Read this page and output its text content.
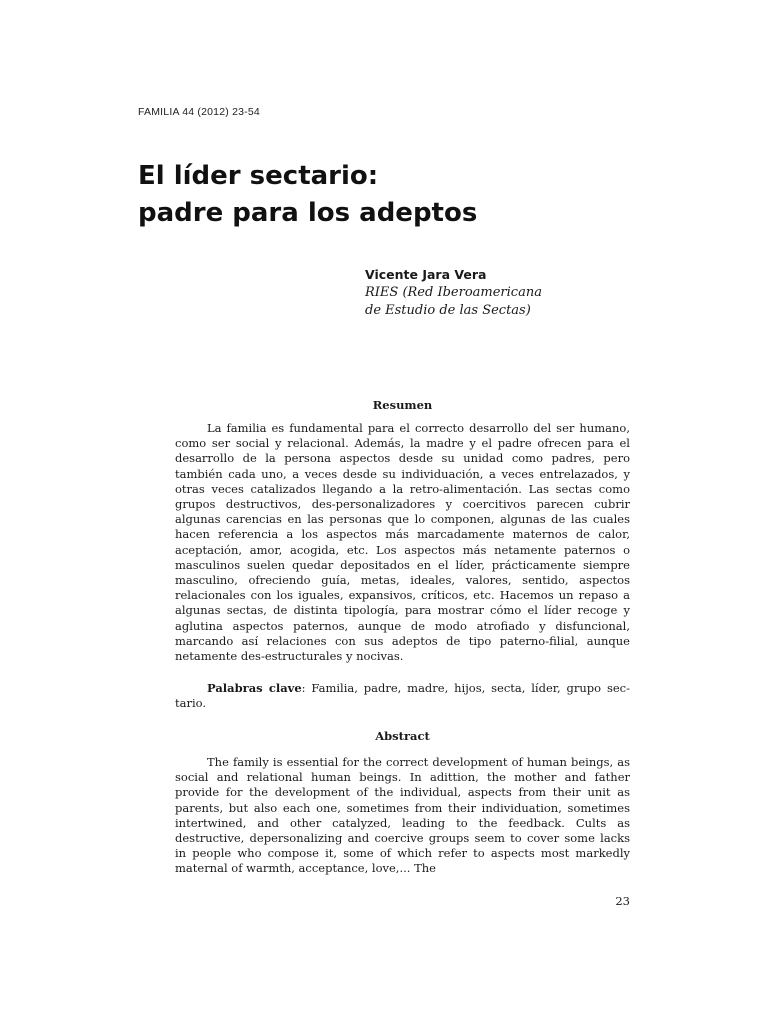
FAMILIA 44 (2012) 23-54
El líder sectario:
padre para los adeptos
Vicente Jara Vera
RIES (Red Iberoamericana
de Estudio de las Sectas)
Resumen

La familia es fundamental para el correcto desarrollo del ser humano, como ser social y relacional. Además, la madre y el padre ofrecen para el desarrollo de la persona aspectos desde su unidad como padres, pero también cada uno, a veces desde su individuación, a veces entrelazados, y otras veces catalizados llegando a la retro-alimentación. Las sectas como grupos destructivos, des-personalizadores y coercitivos parecen cubrir algunas carencias en las personas que lo componen, algunas de las cuales hacen referencia a los aspectos más marcadamente maternos de calor, aceptación, amor, acogida, etc. Los aspectos más netamente paternos o masculinos suelen quedar depositados en el líder, prácticamente siempre masculino, ofreciendo guía, metas, ideales, valores, sentido, aspectos relacionales con los iguales, expansivos, críticos, etc. Hacemos un repaso a algunas sectas, de distinta tipología, para mostrar cómo el líder recoge y aglutina aspectos paternos, aunque de modo atrofiado y disfuncional, marcando así relaciones con sus adeptos de tipo paterno-filial, aunque netamente des-estructurales y nocivas.

Palabras clave: Familia, padre, madre, hijos, secta, líder, grupo sectario.

Abstract

The family is essential for the correct development of human beings, as social and relational human beings. In adittion, the mother and father provide for the development of the individual, aspects from their unit as parents, but also each one, sometimes from their individuation, sometimes intertwined, and other catalyzed, leading to the feedback. Cults as destructive, depersonalizing and coercive groups seem to cover some lacks in people who compose it, some of which refer to aspects most markedly maternal of warmth, acceptance, love,... The

23
